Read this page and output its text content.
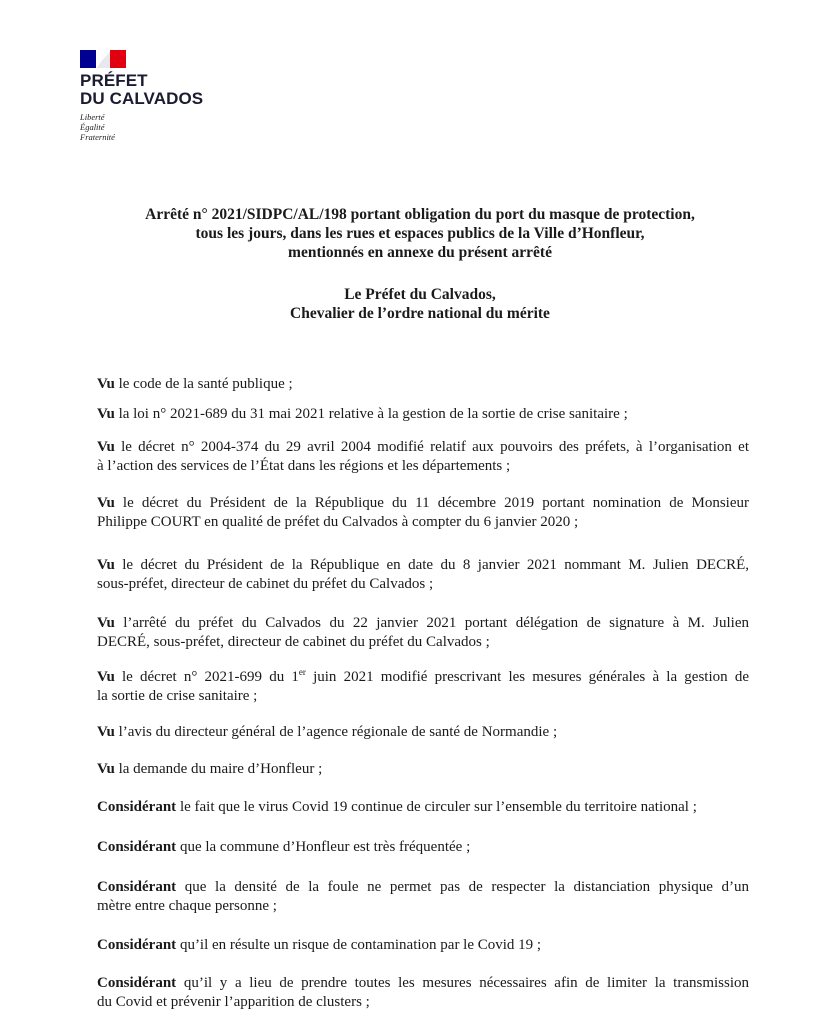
PRÉFET
DU CALVADOS
Liberté
Égalité
Fraternité
Arrêté n° 2021/SIDPC/AL/198 portant obligation du port du masque de protection,
tous les jours, dans les rues et espaces publics de la Ville d’Honfleur,
mentionnés en annexe du présent arrêté
Le Préfet du Calvados,
Chevalier de l’ordre national du mérite
Vu le code de la santé publique ;
Vu la loi n° 2021-689 du 31 mai 2021 relative à la gestion de la sortie de crise sanitaire ;
Vu le décret n° 2004-374 du 29 avril 2004 modifié relatif aux pouvoirs des préfets, à l’organisation et
à l’action des services de l’État dans les régions et les départements ;
Vu le décret du Président de la République du 11 décembre 2019 portant nomination de Monsieur
Philippe COURT en qualité de préfet du Calvados à compter du 6 janvier 2020 ;
Vu le décret du Président de la République en date du 8 janvier 2021 nommant M. Julien DECRÉ,
sous-préfet, directeur de cabinet du préfet du Calvados ;
Vu l’arrêté du préfet du Calvados du 22 janvier 2021 portant délégation de signature à M. Julien
DECRÉ, sous-préfet, directeur de cabinet du préfet du Calvados ;
Vu le décret n° 2021-699 du 1er juin 2021 modifié prescrivant les mesures générales à la gestion de
la sortie de crise sanitaire ;
Vu l’avis du directeur général de l’agence régionale de santé de Normandie ;
Vu la demande du maire d’Honfleur ;
Considérant le fait que le virus Covid 19 continue de circuler sur l’ensemble du territoire national ;
Considérant que la commune d’Honfleur est très fréquentée ;
Considérant que la densité de la foule ne permet pas de respecter la distanciation physique d’un
mètre entre chaque personne ;
Considérant qu’il en résulte un risque de contamination par le Covid 19 ;
Considérant qu’il y a lieu de prendre toutes les mesures nécessaires afin de limiter la transmission
du Covid et prévenir l’apparition de clusters ;
